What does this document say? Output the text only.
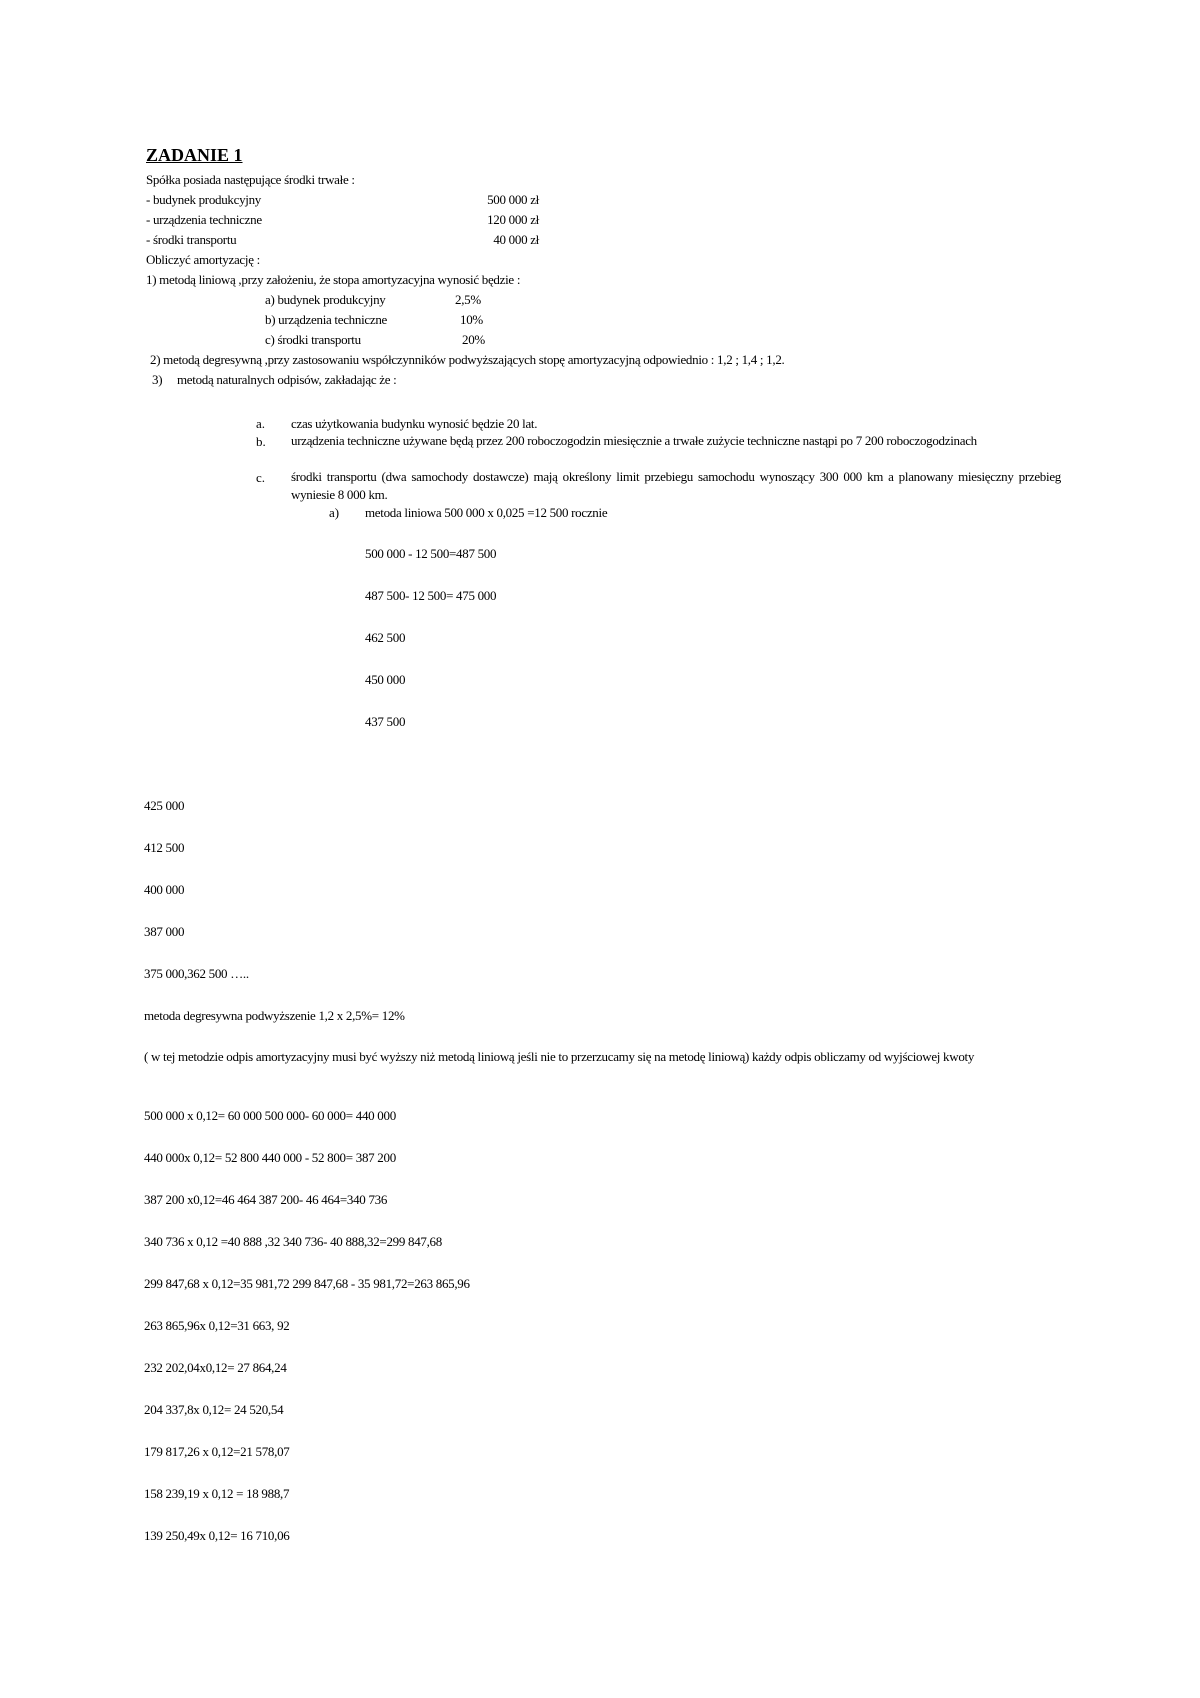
ZADANIE 1
Spółka posiada następujące środki trwałe :
- budynek produkcyjny	500 000 zł
- urządzenia techniczne	120 000 zł
- środki transportu	40 000 zł
Obliczyć amortyzację :
1) metodą liniową ,przy założeniu, że stopa amortyzacyjna wynosić będzie :
a) budynek produkcyjny	2,5%
b) urządzenia techniczne	10%
c) środki transportu	20%
2) metodą degresywną ,przy zastosowaniu współczynników podwyższających stopę amortyzacyjną odpowiednio : 1,2 ; 1,4 ; 1,2.
3) metodą naturalnych odpisów, zakładając że :
a. czas użytkowania budynku wynosić będzie 20 lat.
b. urządzenia techniczne używane będą przez 200 roboczogodzin miesięcznie a trwałe zużycie techniczne nastąpi po 7 200 roboczogodzinach
c. środki transportu (dwa samochody dostawcze) mają określony limit przebiegu samochodu wynoszący 300 000 km a planowany miesięczny przebieg wyniesie 8 000 km.
a) metoda liniowa 500 000 x 0,025 =12 500 rocznie
500 000 - 12 500=487 500
487 500- 12 500= 475 000
462 500
450 000
437 500
425 000
412 500
400 000
387 000
375 000,362 500 …..
metoda degresywna podwyższenie 1,2 x 2,5%= 12%
( w tej metodzie odpis amortyzacyjny musi być wyższy niż metodą liniową jeśli nie to przerzucamy się na metodę liniową) każdy odpis obliczamy od wyjściowej kwoty
500 000 x 0,12= 60 000 500 000- 60 000= 440 000
440 000x 0,12= 52 800 440 000 - 52 800= 387 200
387 200 x0,12=46 464 387 200- 46 464=340 736
340 736 x 0,12 =40 888 ,32 340 736- 40 888,32=299 847,68
299 847,68 x 0,12=35 981,72 299 847,68 - 35 981,72=263 865,96
263 865,96x 0,12=31 663, 92
232 202,04x0,12= 27 864,24
204 337,8x 0,12= 24 520,54
179 817,26 x 0,12=21 578,07
158 239,19 x 0,12 = 18 988,7
139 250,49x 0,12= 16 710,06
